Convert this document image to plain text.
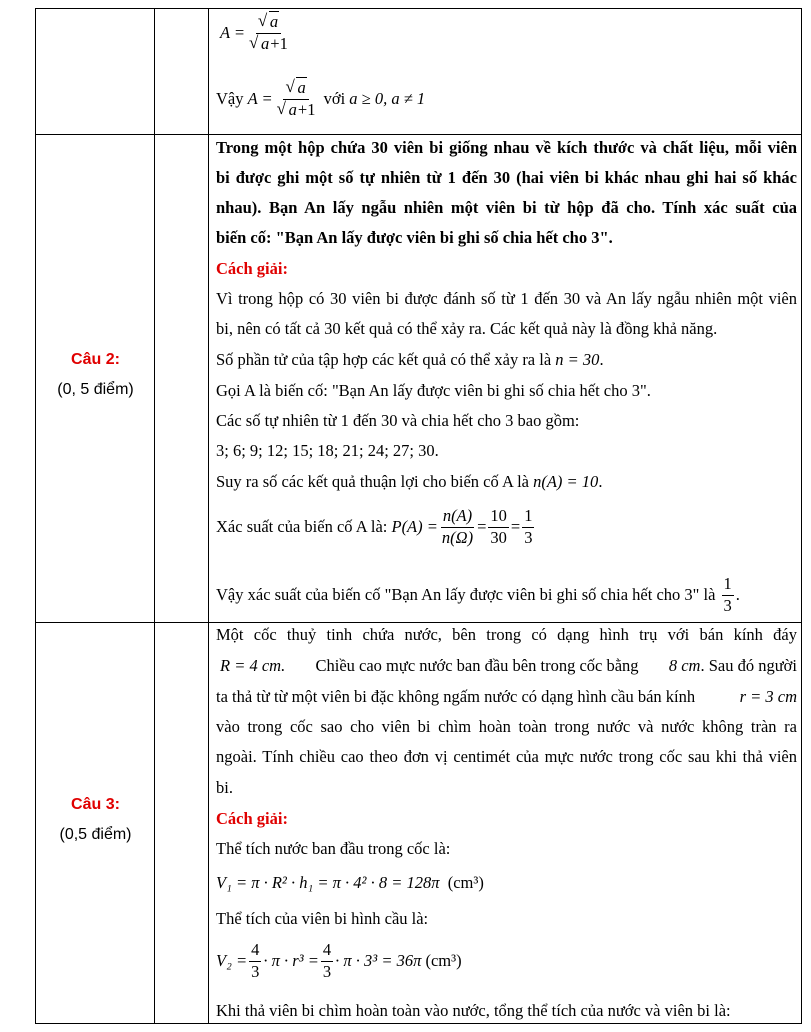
$A = \frac{√ a}{√ a+1}$
Vậy
$A = \frac{√ a}{√ a+1}$
với
a ≥ 0, a ≠ 1
Câu 2:
(0, 5 điểm)
Trong một hộp chứa 30 viên bi giống nhau về kích thước và chất liệu, mỗi viên
bi được ghi một số tự nhiên từ 1 đến 30 (hai viên bi khác nhau ghi hai số khác
nhau). Bạn An lấy ngẫu nhiên một viên bi từ hộp đã cho. Tính xác suất của
biến cố: "Bạn An lấy được viên bi ghi số chia hết cho 3".
Cách giải:
Vì trong hộp có 30 viên bi được đánh số từ 1 đến 30 và An lấy ngẫu nhiên một viên
bi, nên có tất cả 30 kết quả có thể xảy ra. Các kết quả này là đồng khả năng.
Số phần tử của tập hợp các kết quả có thể xảy ra là n = 30.
Gọi A là biến cố: "Bạn An lấy được viên bi ghi số chia hết cho 3".
Các số tự nhiên từ 1 đến 30 và chia hết cho 3 bao gồm:
3; 6; 9; 12; 15; 18; 21; 24; 27; 30.
Suy ra số các kết quả thuận lợi cho biến cố A là n(A) = 10.
Xác suất của biến cố A là:
$P(A) = \frac{n(A)}{n(\Omega)} = \frac{10}{30} = \frac{1}{3}$
Vậy xác suất của biến cố "Bạn An lấy được viên bi ghi số chia hết cho 3" là
$\frac{1}{3}$ .
Câu 3:
(0,5 điểm)
Một cốc thuỷ tinh chứa nước, bên trong có dạng hình trụ với bán kính đáy
R = 4 cm. Chiều cao mực nước ban đầu bên trong cốc bằng 8 cm. Sau đó người
ta thả từ từ một viên bi đặc không ngấm nước có dạng hình cầu bán kính	r = 3 cm
vào trong cốc sao cho viên bi chìm hoàn toàn trong nước và nước không tràn ra
ngoài. Tính chiều cao theo đơn vị centimét của mực nước trong cốc sau khi thả viên
bi.
Cách giải:
Thể tích nước ban đầu trong cốc là:
V₁ = π · R² · h₁ = π · 4² · 8 = 128π (cm³)
Thể tích của viên bi hình cầu là:
$V_2 = \frac{4}{3} \cdot \pi \cdot r^3 = \frac{4}{3} \cdot \pi \cdot 3^3 = 36\pi$
(cm³)
Khi thả viên bi chìm hoàn toàn vào nước, tổng thể tích của nước và viên bi là:
